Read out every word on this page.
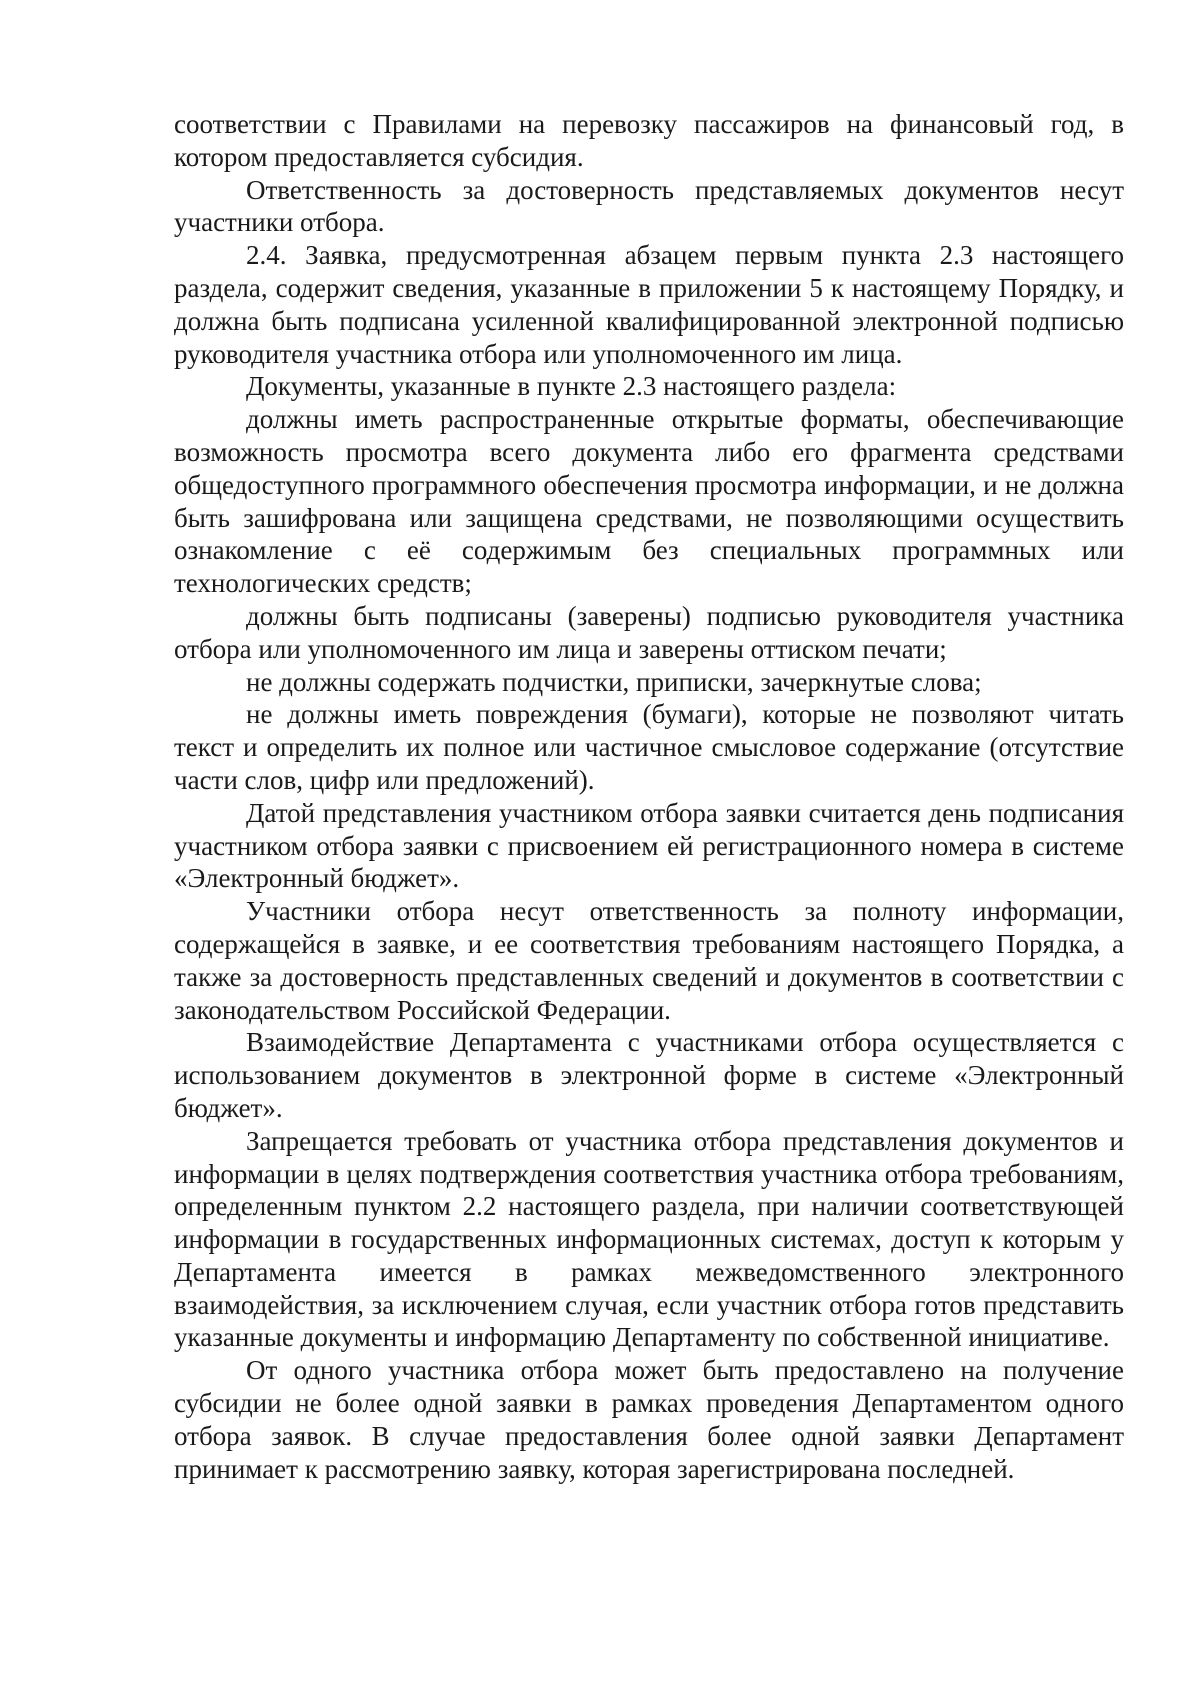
соответствии с Правилами на перевозку пассажиров на финансовый год, в котором предоставляется субсидия.

Ответственность за достоверность представляемых документов несут участники отбора.

2.4. Заявка, предусмотренная абзацем первым пункта 2.3 настоящего раздела, содержит сведения, указанные в приложении 5 к настоящему Порядку, и должна быть подписана усиленной квалифицированной электронной подписью руководителя участника отбора или уполномоченного им лица.

Документы, указанные в пункте 2.3 настоящего раздела:

должны иметь распространенные открытые форматы, обеспечивающие возможность просмотра всего документа либо его фрагмента средствами общедоступного программного обеспечения просмотра информации, и не должна быть зашифрована или защищена средствами, не позволяющими осуществить ознакомление с её содержимым без специальных программных или технологических средств;

должны быть подписаны (заверены) подписью руководителя участника отбора или уполномоченного им лица и заверены оттиском печати;

не должны содержать подчистки, приписки, зачеркнутые слова;

не должны иметь повреждения (бумаги), которые не позволяют читать текст и определить их полное или частичное смысловое содержание (отсутствие части слов, цифр или предложений).

Датой представления участником отбора заявки считается день подписания участником отбора заявки с присвоением ей регистрационного номера в системе «Электронный бюджет».

Участники отбора несут ответственность за полноту информации, содержащейся в заявке, и ее соответствия требованиям настоящего Порядка, а также за достоверность представленных сведений и документов в соответствии с законодательством Российской Федерации.

Взаимодействие Департамента с участниками отбора осуществляется с использованием документов в электронной форме в системе «Электронный бюджет».

Запрещается требовать от участника отбора представления документов и информации в целях подтверждения соответствия участника отбора требованиям, определенным пунктом 2.2 настоящего раздела, при наличии соответствующей информации в государственных информационных системах, доступ к которым у Департамента имеется в рамках межведомственного электронного взаимодействия, за исключением случая, если участник отбора готов представить указанные документы и информацию Департаменту по собственной инициативе.

От одного участника отбора может быть предоставлено на получение субсидии не более одной заявки в рамках проведения Департаментом одного отбора заявок. В случае предоставления более одной заявки Департамент принимает к рассмотрению заявку, которая зарегистрирована последней.
